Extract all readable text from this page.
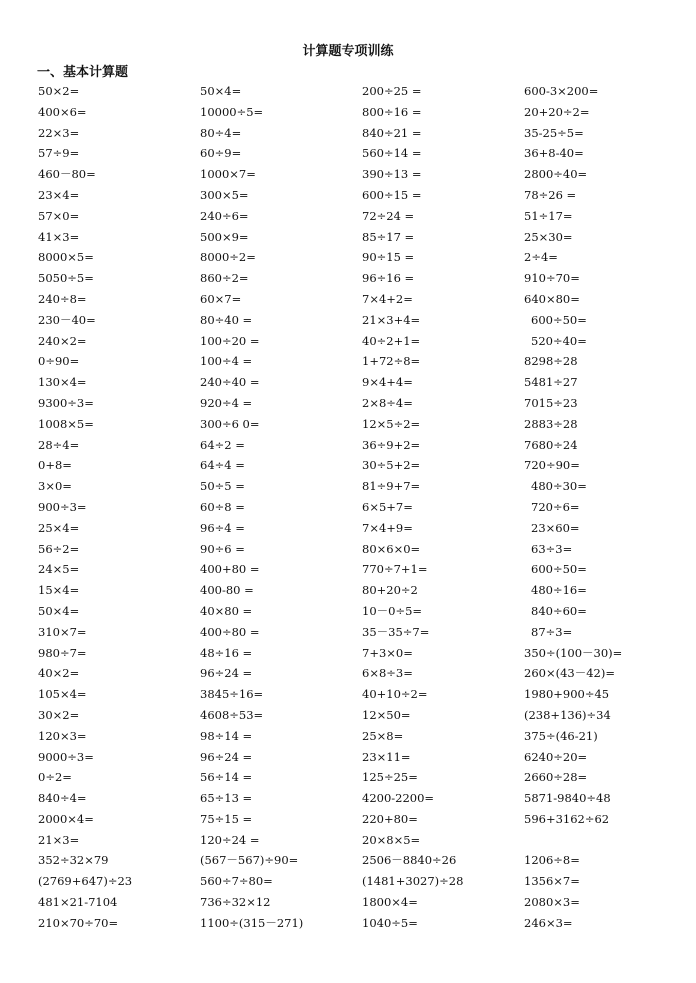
计算题专项训练
一、基本计算题
50×2=	50×4=	200÷25 =	600-3×200=
400×6=	10000÷5=	800÷16 =	20+20÷2=
22×3=	80÷4=	840÷21 =	35-25÷5=
57÷9=	60÷9=	560÷14 =	36+8-40=
460－80=	1000×7=	390÷13 =	2800÷40=
23×4=	300×5=	600÷15 =	78÷26 =
57×0=	240÷6=	72÷24 =	51÷17=
41×3=	500×9=	85÷17 =	25×30=
8000×5=	8000÷2=	90÷15 =	2÷4=
5050÷5=	860÷2=	96÷16 =	910÷70=
240÷8=	60×7=	7×4+2=	640×80=
230－40=	80÷40 =	21×3+4=	600÷50=
240×2=	100÷20 =	40÷2+1=	520÷40=
0÷90=	100÷4 =	1+72÷8=	8298÷28
130×4=	240÷40 =	9×4+4=	5481÷27
9300÷3=	920÷4 =	2×8÷4=	7015÷23
1008×5=	300÷6 0=	12×5÷2=	2883÷28
28÷4=	64÷2 =	36÷9+2=	7680÷24
0+8=	64÷4 =	30÷5+2=	720÷90=
3×0=	50÷5 =	81÷9+7=	480÷30=
900÷3=	60÷8 =	6×5+7=	720÷6=
25×4=	96÷4 =	7×4+9=	23×60=
56÷2=	90÷6 =	80×6×0=	63÷3=
24×5=	400+80 =	770÷7+1=	600÷50=
15×4=	400-80 =	80+20÷2	480÷16=
50×4=	40×80 =	10－0÷5=	840÷60=
310×7=	400÷80 =	35－35÷7=	87÷3=
980÷7=	48÷16 =	7+3×0=	350÷(100－30)=
40×2=	96÷24 =	6×8÷3=	260×(43－42)=
105×4=	3845÷16=	40+10÷2=	1980+900÷45
30×2=	4608÷53=	12×50=	(238+136)÷34
120×3=	98÷14 =	25×8=	375÷(46-21)
9000÷3=	96÷24 =	23×11=	6240÷20=
0÷2=	56÷14 =	125÷25=	2660÷28=
840÷4=	65÷13 =	4200-2200=	5871-9840÷48
2000×4=	75÷15 =	220+80=	596+3162÷62
21×3=	120÷24 =	20×8×5=
352÷32×79	(567－567)÷90=	2506－8840÷26	1206÷8=
(2769+647)÷23	560÷7÷80=	(1481+3027)÷28	1356×7=
481×21-7104	736÷32×12	1800×4=	2080×3=
210×70÷70=	1100÷(315－271)	1040÷5=	246×3=
